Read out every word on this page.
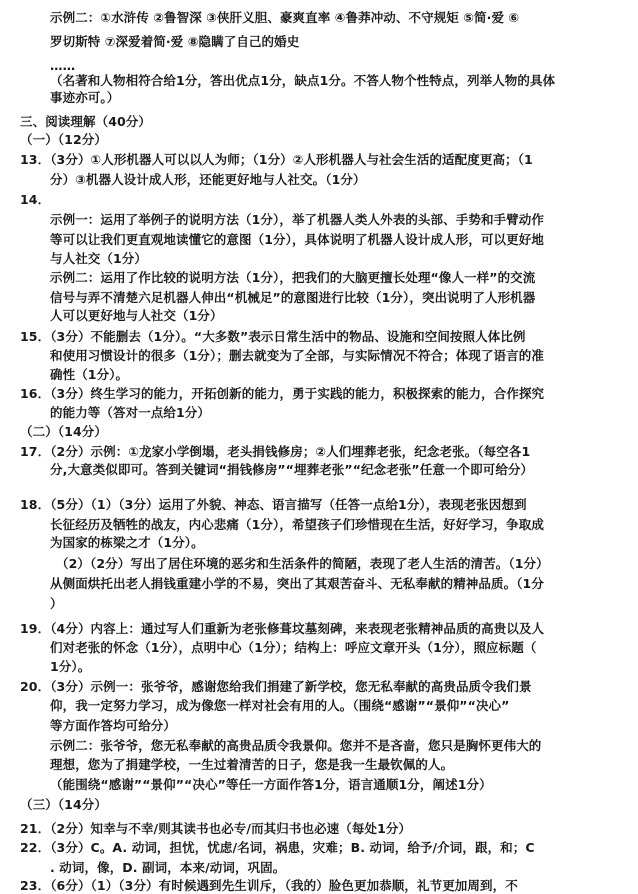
示例二：①水浒传 ②鲁智深 ③侠肝义胆、豪爽直率 ④鲁莽冲动、不守规矩 ⑤简·爱 ⑥
罗切斯特 ⑦深爱着简·爱 ⑧隐瞒了自己的婚史
……
（名著和人物相符合给1分，答出优点1分，缺点1分。不答人物个性特点，列举人物的具体
事迹亦可。）
三、阅读理解（40分）
（一）（12分）
13．（3分）①人形机器人可以以人为师；（1分）②人形机器人与社会生活的适配度更高；（1
分）③机器人设计成人形，还能更好地与人社交。（1分）
14．
示例一：运用了举例子的说明方法（1分），举了机器人类人外表的头部、手势和手臂动作
等可以让我们更直观地读懂它的意图（1分），具体说明了机器人设计成人形，可以更好地
与人社交（1分）
示例二：运用了作比较的说明方法（1分），把我们的大脑更擅长处理“像人一样”的交流
信号与弄不清楚六足机器人伸出“机械足”的意图进行比较（1分），突出说明了人形机器
人可以更好地与人社交（1分）
15．（3分）不能删去（1分）。“大多数”表示日常生活中的物品、设施和空间按照人体比例
和使用习惯设计的很多（1分）；删去就变为了全部，与实际情况不符合；体现了语言的准
确性（1分）。
16．（3分）终生学习的能力，开拓创新的能力，勇于实践的能力，积极探索的能力，合作探究
的能力等（答对一点给1分）
（二）（14分）
17．（2分）示例：①龙家小学倒塌，老头捐钱修房；②人们埋葬老张，纪念老张。（每空各1
分,大意类似即可。答到关键词“捐钱修房”“埋葬老张”“纪念老张”任意一个即可给分）
18．（5分）（1）（3分）运用了外貌、神态、语言描写（任答一点给1分），表现老张因想到
长征经历及牺牲的战友，内心悲痛（1分），希望孩子们珍惜现在生活，好好学习，争取成
为国家的栋梁之才（1分）。
（2）（2分）写出了居住环境的恶劣和生活条件的简陋，表现了老人生活的清苦。（1分）
从侧面烘托出老人捐钱重建小学的不易，突出了其艰苦奋斗、无私奉献的精神品质。（1分
）
19．（4分）内容上：通过写人们重新为老张修葺坟墓刻碑，来表现老张精神品质的高贵以及人
们对老张的怀念（1分），点明中心（1分）；结构上：呼应文章开头（1分），照应标题（
1分）。
20．（3分）示例一：张爷爷，感谢您给我们捐建了新学校，您无私奉献的高贵品质令我们景
仰，我一定努力学习，成为像您一样对社会有用的人。（围绕“感谢”“景仰”“决心”
等方面作答均可给分）
示例二：张爷爷，您无私奉献的高贵品质令我景仰。您并不是吝啬，您只是胸怀更伟大的
理想，您为了捐建学校，一生过着清苦的日子，您是我一生最钦佩的人。
（能围绕“感谢”“景仰”“决心”等任一方面作答1分，语言通顺1分，阐述1分）
（三）（14分）
21．（2分）知幸与不幸/则其读书也必专/而其归书也必速（每处1分）
22．（3分）C。A. 动词，担忧，忧虑/名词，祸患，灾难；B. 动词，给予/介词，跟，和；C
. 动词，像，D. 副词，本来/动词，巩固。
23．（6分）（1）（3分）有时候遇到先生训斥，（我的）脸色更加恭顺，礼节更加周到，不
